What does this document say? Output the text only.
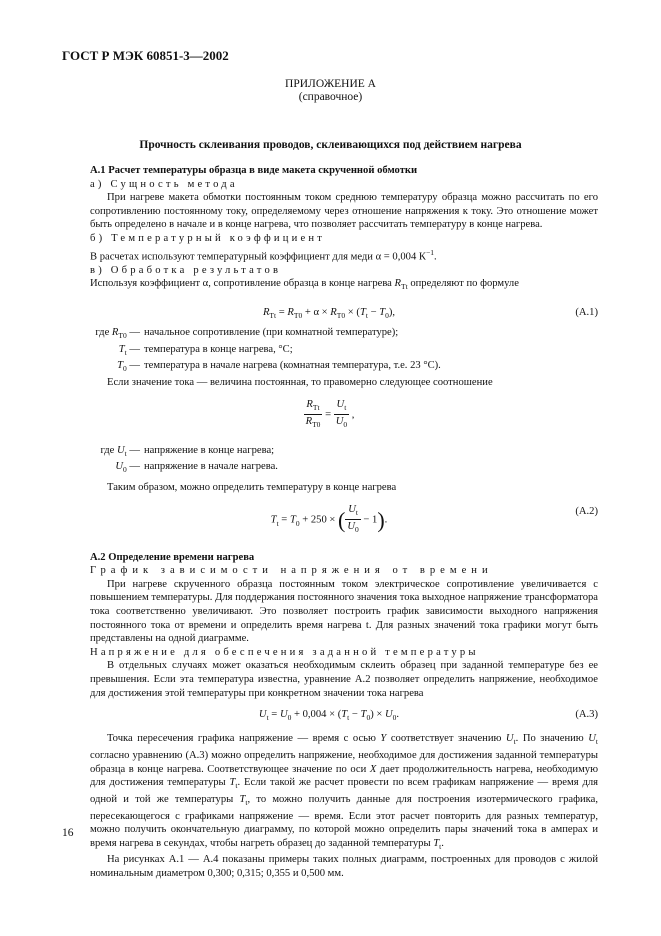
ГОСТ Р МЭК 60851-3—2002
ПРИЛОЖЕНИЕ А
(справочное)
Прочность склеивания проводов, склеивающихся под действием нагрева

А.1 Расчет температуры образца в виде макета скрученной обмотки

а) Сущность метода

При нагреве макета обмотки постоянным током среднюю температуру образца можно рассчитать по его сопротивлению постоянному току, определяемому через отношение напряжения к току. Это отношение может быть определено в начале и в конце нагрева, что позволяет рассчитать температуру в конце нагрева.

б) Температурный коэффициент

В расчетах используют температурный коэффициент для меди α = 0,004 $К^{-1}$.

в) Обработка результатов

Используя коэффициент α, сопротивление образца в конце нагрева $R_{Tt}$ определяют по формуле

$R_{Tt} = R_{T0} + \alpha \times R_{T0} \times (T_t - T_0)$,	(А.1)
где $R_{T0}$ — начальное сопротивление (при комнатной температуре);
$T_t$ — температура в конце нагрева, °С;
$T_0$ — температура в начале нагрева (комнатная температура, т.е. 23 °С).

Если значение тока — величина постоянная, то правомерно следующее соотношение

$\frac{R_{Tt}}{R_{T0}} = \frac{U_t}{U_0}$ ,
где $U_t$ — напряжение в конце нагрева;
$U_0$ — напряжение в начале нагрева.

Таким образом, можно определить температуру в конце нагрева

$T_t = T_0 + 250$ × ( $\frac{U_t}{U_0} - 1$).
(А.2)

А.2 Определение времени нагрева

График зависимости напряжения от времени

При нагреве скрученного образца постоянным током электрическое сопротивление увеличивается с повышением температуры. Для поддержания постоянного значения тока выходное напряжение трансформатора тока соответственно увеличивают. Это позволяет построить график зависимости выходного напряжения постоянного тока от времени и определить время нагрева t. Для разных значений тока графики могут быть представлены на одной диаграмме.

Напряжение для обеспечения заданной температуры

В отдельных случаях может оказаться необходимым склеить образец при заданной температуре без ее превышения. Если эта температура известна, уравнение А.2 позволяет определить напряжение, необходимое для достижения этой температуры при конкретном значении тока нагрева

$U_t = U_0 + 0,004 \times (T_t - T_0) \times U_0$.	(А.3)

Точка пересечения графика напряжение — время с осью Y соответствует значению $U_t$. По значению $U_t$ согласно уравнению (А.3) можно определить напряжение, необходимое для достижения заданной температуры образца в конце нагрева. Соответствующее значение по оси X дает продолжительность нагрева, необходимую для достижения температуры $T_t$. Если такой же расчет провести по всем графикам напряжение — время для одной и той же температуры $T_t$, то можно получить данные для построения изотермического графика, пересекающегося с графиками напряжение — время. Если этот расчет повторить для разных температур, можно получить окончательную диаграмму, по которой можно определить пары значений тока в амперах и время нагрева в секундах, чтобы нагреть образец до заданной температуры $T_t$.

На рисунках А.1 — А.4 показаны примеры таких полных диаграмм, построенных для проводов с жилой номинальным диаметром 0,300; 0,315; 0,355 и 0,500 мм.

16
